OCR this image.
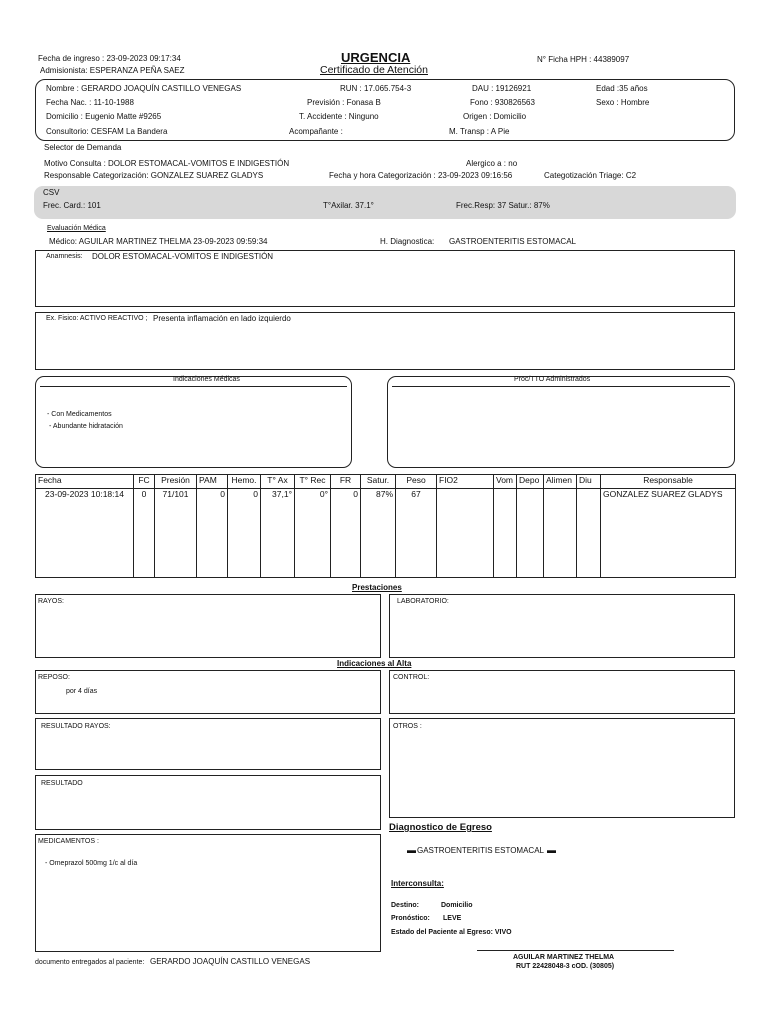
Fecha de ingreso : 23-09-2023 09:17:34
Admisionista: ESPERANZA PEÑA SAEZ
URGENCIA
Certificado de Atención
N° Ficha HPH : 44389097
Nombre : GERARDO JOAQUÍN CASTILLO VENEGAS	RUN : 17.065.754-3	DAU : 19126921	Edad :35 años
Fecha Nac. : 11-10-1988	Previsión : Fonasa B	Fono : 930826563	Sexo : Hombre
Domicilio : Eugenio Matte #9265	T. Accidente : Ninguno	Origen : Domicilio
Consultorio: CESFAM La Bandera	Acompañante :	M. Transp : A Pie
Selector de Demanda
Motivo Consulta : DOLOR ESTOMACAL-VOMITOS E INDIGESTIÓN	Alergico a : no
Responsable Categorización: GONZALEZ SUAREZ GLADYS	Fecha y hora Categorización : 23-09-2023 09:16:56	Categotización Triage: C2
CSV
Frec. Card.: 101	T°Axilar. 37.1°	Frec.Resp: 37 Satur.: 87%
Evaluación Médica
Médico: AGUILAR MARTINEZ THELMA 23-09-2023 09:59:34	H. Diagnostica: GASTROENTERITIS ESTOMACAL
Anamnesis: DOLOR ESTOMACAL-VOMITOS E INDIGESTIÓN
Ex. Fisico: ACTIVO REACTIVO ; Presenta inflamación en lado izquierdo
Indicaciones Médicas
- Con Medicamentos
- Abundante hidratación
Proc/TTO Administrados
Fecha	FC	Presión	PAM	Hemo.	T° Ax	T° Rec	FR	Satur.	Peso	FIO2	Vom	Depo	Alimen	Diu	Responsable
23-09-2023 10:18:14	0	71/101	0	0	37,1°	0°	0	87%	67						GONZALEZ SUAREZ GLADYS
Prestaciones
RAYOS:	LABORATORIO:
Indicaciones al Alta
REPOSO:
por 4 días
CONTROL:
RESULTADO RAYOS:	OTROS :
RESULTADO
MEDICAMENTOS :
- Omeprazol 500mg 1/c al día
Diagnostico de Egreso
▬ GASTROENTERITIS ESTOMACAL ▬
Interconsulta:
Destino:	Domicilio
Pronóstico: LEVE
Estado del Paciente al Egreso: VIVO
documento entregados al paciente: GERARDO JOAQUÍN CASTILLO VENEGAS	AGUILAR MARTINEZ THELMA
RUT 22428048-3 cOD. (30805)
